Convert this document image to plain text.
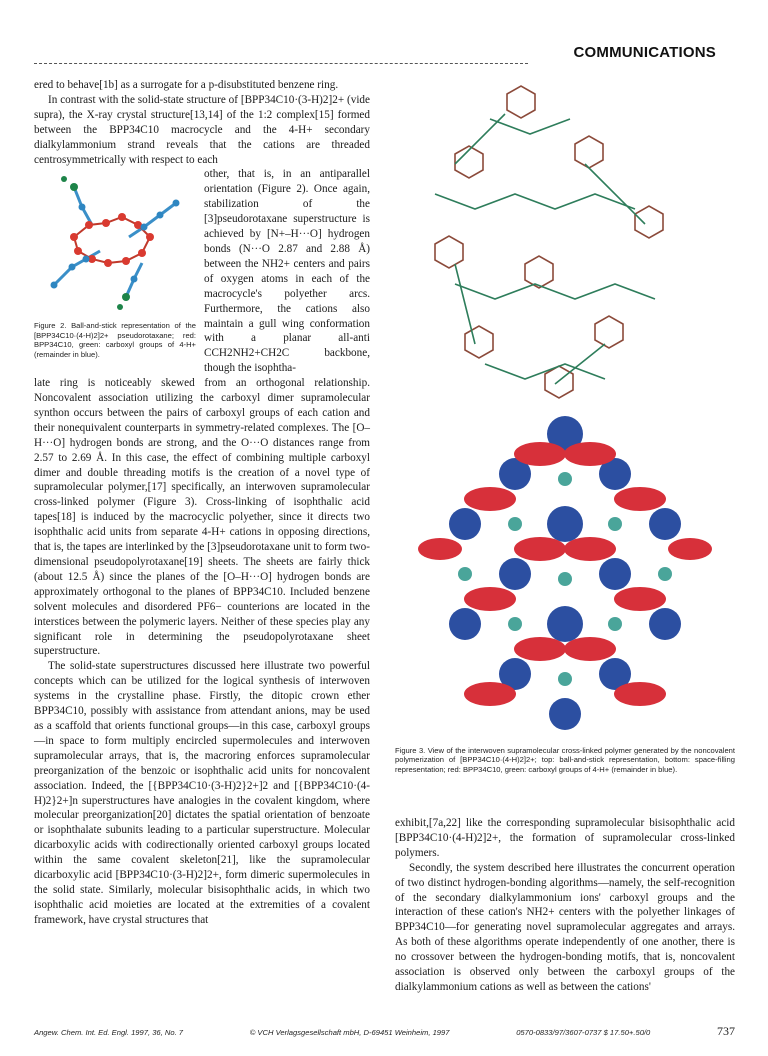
COMMUNICATIONS

ered to behave[1b] as a surrogate for a p-disubstituted benzene ring.

In contrast with the solid-state structure of [BPP34C10·(3-H)2]2+ (vide supra), the X-ray crystal structure[13,14] of the 1:2 complex[15] formed between the BPP34C10 macrocycle and the 4-H+ secondary dialkylammonium strand reveals that the cations are threaded centrosymmetrically with respect to each

Figure 2. Ball-and-stick representation of the [BPP34C10·(4-H)2]2+ pseudorotaxane; red: BPP34C10, green: carboxyl groups of 4-H+ (remainder in blue).
other, that is, in an antiparallel orientation (Figure 2). Once again, stabilization of the [3]pseudorotaxane superstructure is achieved by [N+–H···O] hydrogen bonds (N···O 2.87 and 2.88 Å) between the NH2+ centers and pairs of oxygen atoms in each of the macrocycle's polyether arcs. Furthermore, the cations also maintain a gull wing conformation with a planar all-anti CCH2NH2+CH2C backbone, though the isophtha-

late ring is noticeably skewed from an orthogonal relationship. Noncovalent association utilizing the carboxyl dimer supramolecular synthon occurs between the pairs of carboxyl groups of each cation and their nonequivalent counterparts in symmetry-related complexes. The [O–H···O] hydrogen bonds are strong, and the O···O distances range from 2.57 to 2.69 Å. In this case, the effect of combining multiple carboxyl dimer and double threading motifs is the creation of a novel type of supramolecular polymer,[17] specifically, an interwoven supramolecular cross-linked polymer (Figure 3). Cross-linking of isophthalic acid tapes[18] is induced by the macrocyclic polyether, since it directs two isophthalic acid units from separate 4-H+ cations in opposing directions, that is, the tapes are interlinked by the [3]pseudorotaxane unit to form two-dimensional pseudopolyrotaxane[19] sheets. The sheets are fairly thick (about 12.5 Å) since the planes of the [O–H···O] hydrogen bonds are approximately orthogonal to the planes of BPP34C10. Included benzene solvent molecules and disordered PF6− counterions are located in the interstices between the polymeric layers. Neither of these species play any significant role in determining the pseudopolyrotaxane sheet superstructure.

The solid-state superstructures discussed here illustrate two powerful concepts which can be utilized for the logical synthesis of interwoven systems in the crystalline phase. Firstly, the ditopic crown ether BPP34C10, possibly with assistance from attendant anions, may be used as a scaffold that orients functional groups—in this case, carboxyl groups—in space to form multiply encircled supermolecules and interwoven supramolecular arrays, that is, the macroring enforces supramolecular preorganization of the benzoic or isophthalic acid units for noncovalent association. Indeed, the [{BPP34C10·(3-H)2}2+]2 and [{BPP34C10·(4-H)2}2+]n superstructures have analogies in the covalent kingdom, where molecular preorganization[20] dictates the spatial orientation of benzoate or isophthalate subunits leading to a particular superstructure. Molecular dicarboxylic acids with codirectionally oriented carboxyl groups located within the same covalent skeleton[21], like the supramolecular dicarboxylic acid [BPP34C10·(3-H)2]2+, form dimeric supermolecules in the solid state. Similarly, molecular bisisophthalic acids, in which two isophthalic acid moieties are located at the extremities of a covalent framework, have crystal structures that

Figure 3. View of the interwoven supramolecular cross-linked polymer generated by the noncovalent polymerization of [BPP34C10·(4-H)2]2+; top: ball-and-stick representation, bottom: space-filling representation; red: BPP34C10, green: carboxyl groups of 4-H+ (remainder in blue).

exhibit,[7a,22] like the corresponding supramolecular bisisophthalic acid [BPP34C10·(4-H)2]2+, the formation of supramolecular cross-linked polymers.

Secondly, the system described here illustrates the concurrent operation of two distinct hydrogen-bonding algorithms—namely, the self-recognition of the secondary dialkylammonium ions' carboxyl groups and the interaction of these cation's NH2+ centers with the polyether linkages of BPP34C10—for generating novel supramolecular aggregates and arrays. As both of these algorithms operate independently of one another, there is no crossover between the hydrogen-bonding motifs, that is, noncovalent association is observed only between the carboxyl groups of the dialkylammonium cations as well as between the cations'

Angew. Chem. Int. Ed. Engl. 1997, 36, No. 7	© VCH Verlagsgesellschaft mbH, D-69451 Weinheim, 1997	0570-0833/97/3607-0737 $ 17.50+.50/0	737
